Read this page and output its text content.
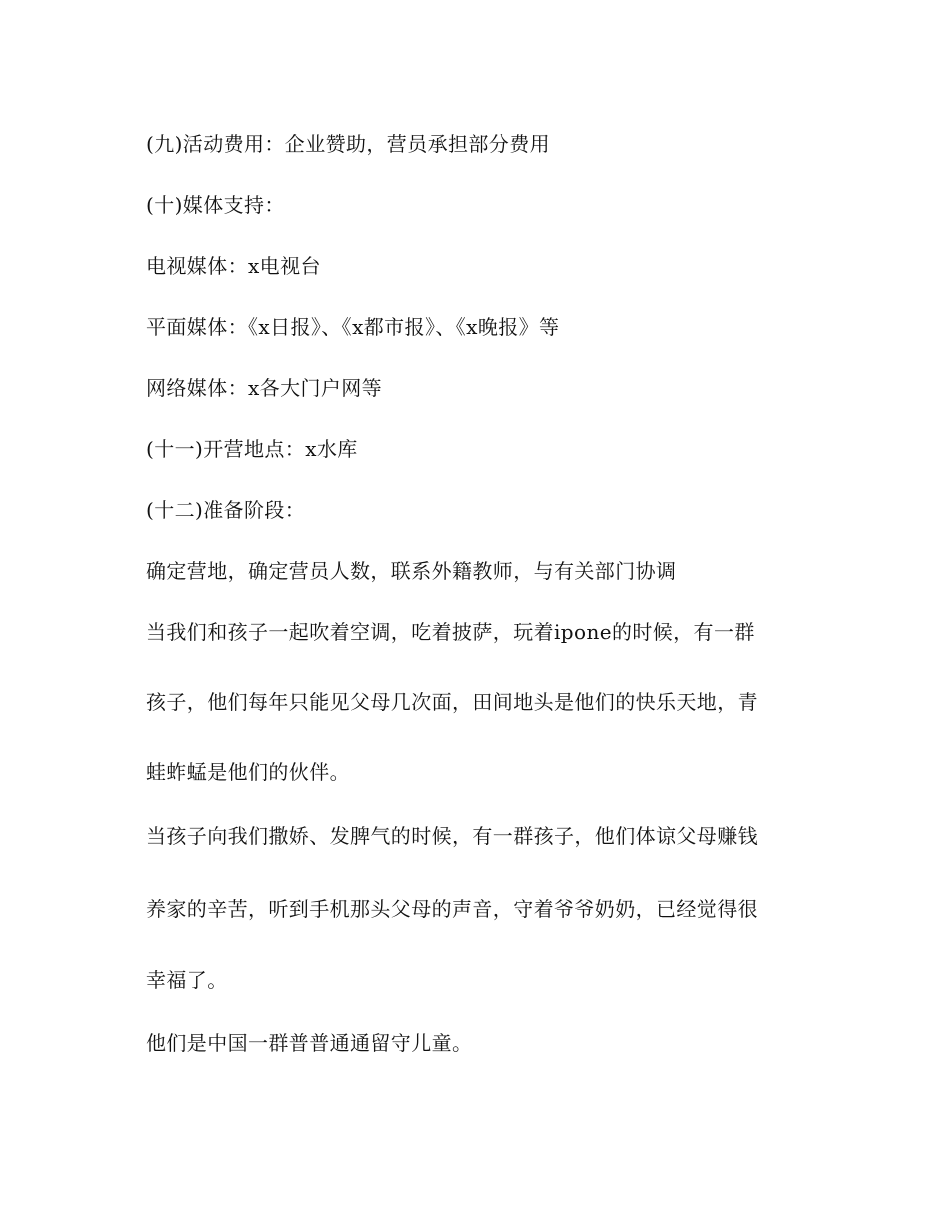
(九)活动费用：企业赞助，营员承担部分费用
(十)媒体支持：
电视媒体：x电视台
平面媒体：《x日报》、《x都市报》、《x晚报》等
网络媒体：x各大门户网等
(十一)开营地点：x水库
(十二)准备阶段：
确定营地，确定营员人数，联系外籍教师，与有关部门协调
当我们和孩子一起吹着空调，吃着披萨，玩着ipone的时候，有一群
孩子，他们每年只能见父母几次面，田间地头是他们的快乐天地，青
蛙蚱蜢是他们的伙伴。
当孩子向我们撒娇、发脾气的时候，有一群孩子，他们体谅父母赚钱
养家的辛苦，听到手机那头父母的声音，守着爷爷奶奶，已经觉得很
幸福了。
他们是中国一群普普通通留守儿童。
